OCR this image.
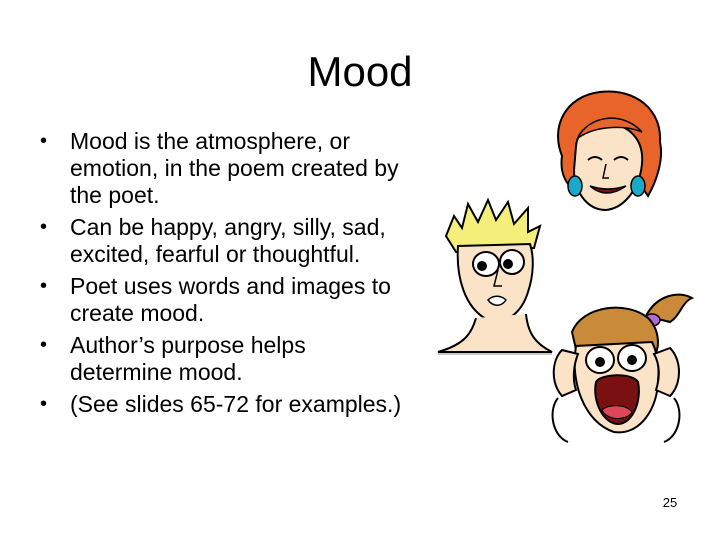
Mood
• Mood is the atmosphere, or emotion, in the poem created by the poet.
• Can be happy, angry, silly, sad, excited, fearful or thoughtful.
• Poet uses words and images to create mood.
• Author’s purpose helps determine mood.
• (See slides 65-72 for examples.)
25
